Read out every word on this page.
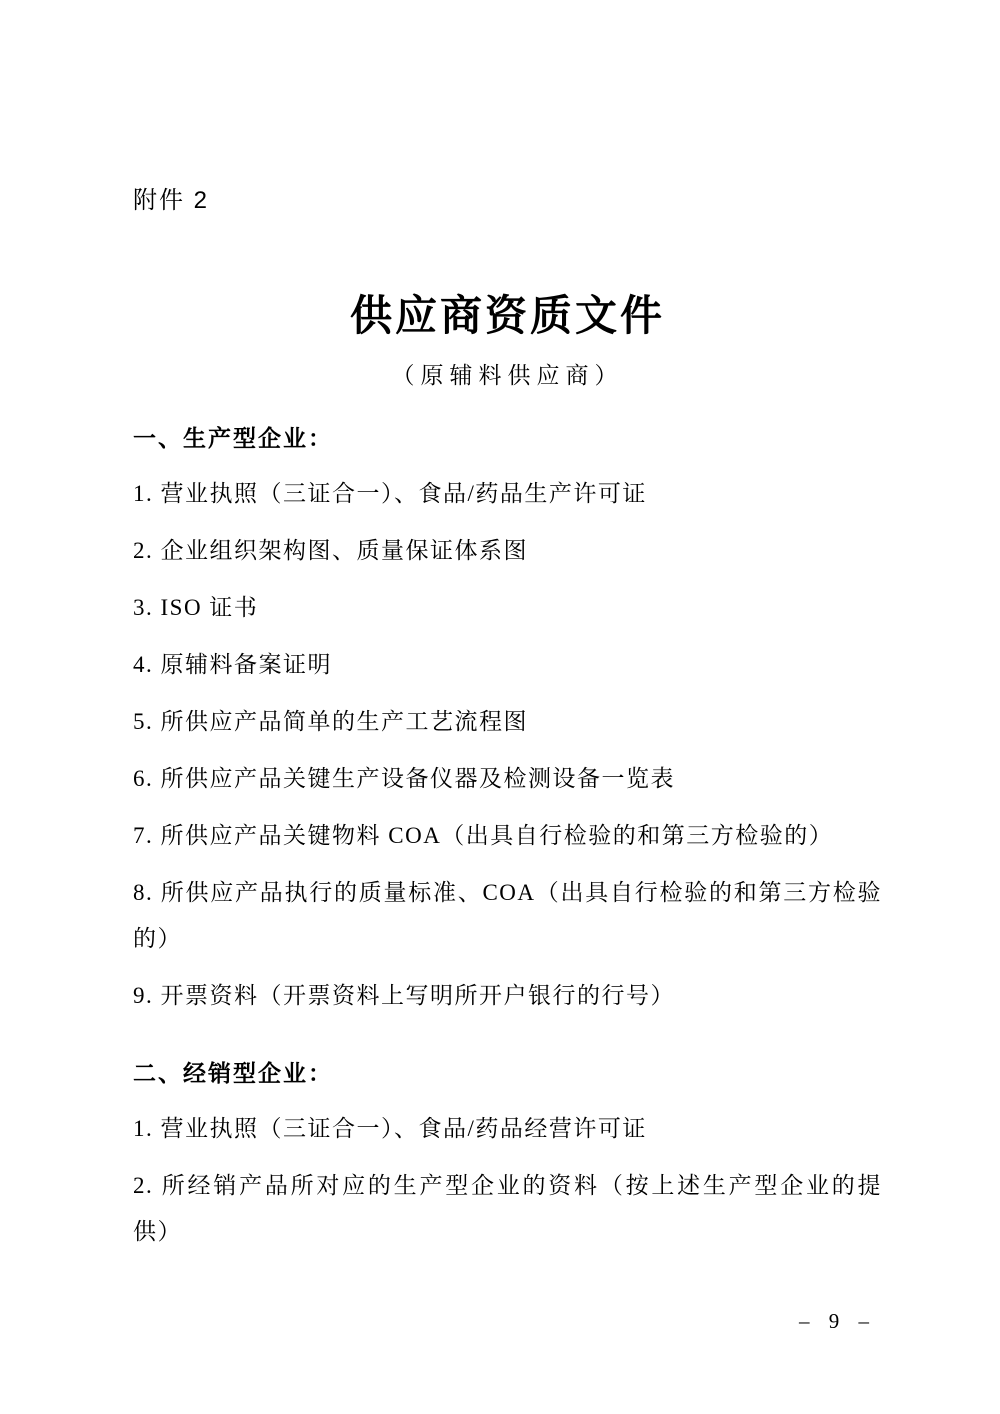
附件 2
供应商资质文件
（原辅料供应商）
一、生产型企业：

1. 营业执照（三证合一）、食品/药品生产许可证

2. 企业组织架构图、质量保证体系图

3. ISO 证书

4. 原辅料备案证明

5. 所供应产品简单的生产工艺流程图

6. 所供应产品关键生产设备仪器及检测设备一览表

7. 所供应产品关键物料 COA（出具自行检验的和第三方检验的）

8. 所供应产品执行的质量标准、COA（出具自行检验的和第三方检验的）

9. 开票资料（开票资料上写明所开户银行的行号）

二、经销型企业：

1. 营业执照（三证合一）、食品/药品经营许可证

2. 所经销产品所对应的生产型企业的资料（按上述生产型企业的提供）

– 9 –
